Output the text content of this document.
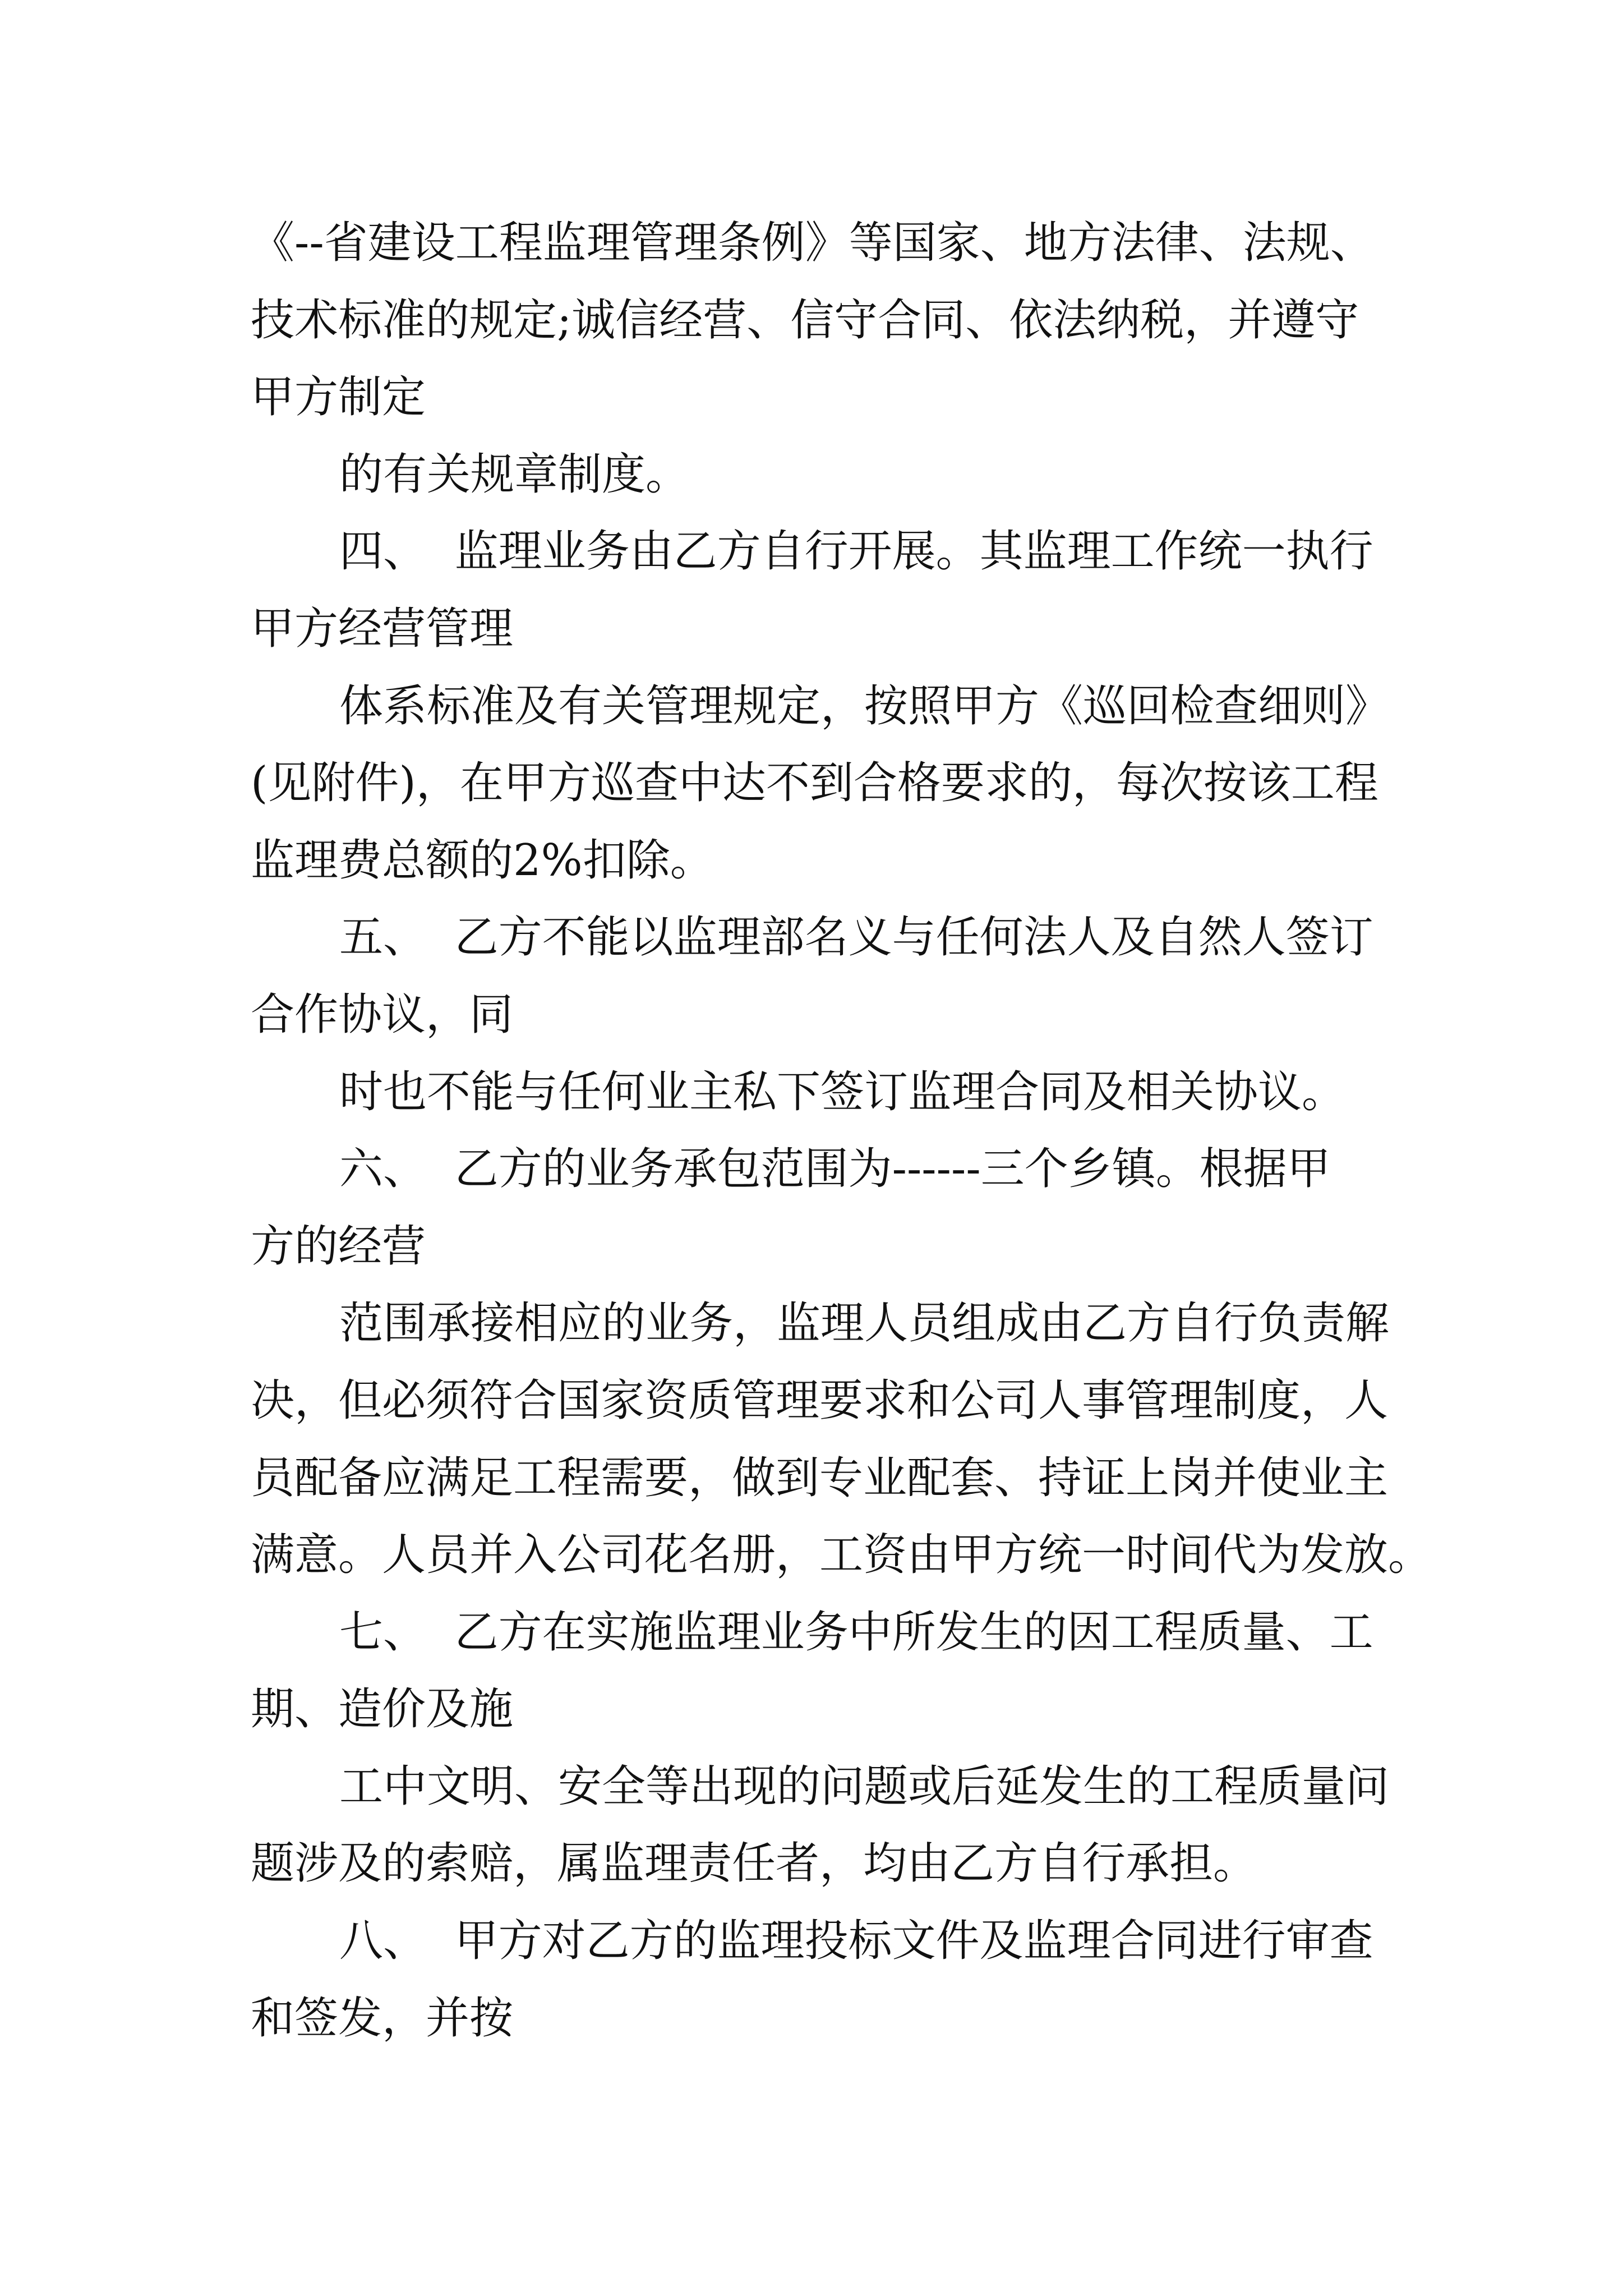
《--省建设工程监理管理条例》等国家、地方法律、法规、
技术标准的规定;诚信经营、信守合同、依法纳税，并遵守
甲方制定
的有关规章制度。
四、  监理业务由乙方自行开展。其监理工作统一执行
甲方经营管理
体系标准及有关管理规定，按照甲方《巡回检查细则》
(见附件)，在甲方巡查中达不到合格要求的，每次按该工程
监理费总额的2%扣除。
五、  乙方不能以监理部名义与任何法人及自然人签订
合作协议，同
时也不能与任何业主私下签订监理合同及相关协议。
六、  乙方的业务承包范围为------三个乡镇。根据甲
方的经营
范围承接相应的业务，监理人员组成由乙方自行负责解
决，但必须符合国家资质管理要求和公司人事管理制度，人
员配备应满足工程需要，做到专业配套、持证上岗并使业主
满意。人员并入公司花名册，工资由甲方统一时间代为发放。
七、  乙方在实施监理业务中所发生的因工程质量、工
期、造价及施
工中文明、安全等出现的问题或后延发生的工程质量问
题涉及的索赔，属监理责任者，均由乙方自行承担。
八、  甲方对乙方的监理投标文件及监理合同进行审查
和签发，并按
